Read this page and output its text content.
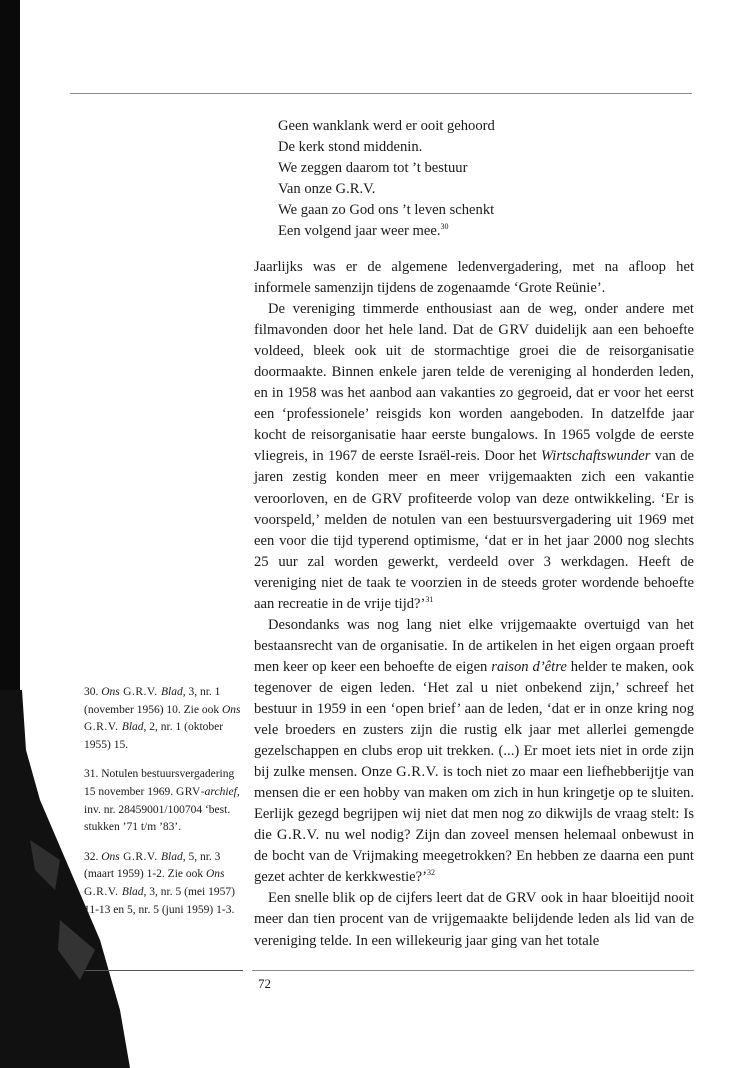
Geen wanklank werd er ooit gehoord
De kerk stond middenin.
We zeggen daarom tot ’t bestuur
Van onze G.R.V.
We gaan zo God ons ’t leven schenkt
Een volgend jaar weer mee.$^{30}$

Jaarlijks was er de algemene ledenvergadering, met na afloop het informele samenzijn tijdens de zogenaamde ‘Grote Reünie’.

De vereniging timmerde enthousiast aan de weg, onder andere met filmavonden door het hele land. Dat de GRV duidelijk aan een behoefte voldeed, bleek ook uit de stormachtige groei die de reisorganisatie doormaakte. Binnen enkele jaren telde de vereniging al honderden leden, en in 1958 was het aanbod aan vakanties zo gegroeid, dat er voor het eerst een ‘professionele’ reisgids kon worden aangeboden. In datzelfde jaar kocht de reisorganisatie haar eerste bungalows. In 1965 volgde de eerste vliegreis, in 1967 de eerste Israël-reis. Door het Wirtschaftswunder van de jaren zestig konden meer en meer vrijgemaakten zich een vakantie veroorloven, en de GRV profiteerde volop van deze ontwikkeling. ‘Er is voorspeld,’ melden de notulen van een bestuursvergadering uit 1969 met een voor die tijd typerend optimisme, ‘dat er in het jaar 2000 nog slechts 25 uur zal worden gewerkt, verdeeld over 3 werkdagen. Heeft de vereniging niet de taak te voorzien in de steeds groter wordende behoefte aan recreatie in de vrije tijd?’$^{31}$

Desondanks was nog lang niet elke vrijgemaakte overtuigd van het bestaansrecht van de organisatie. In de artikelen in het eigen orgaan proeft men keer op keer een behoefte de eigen raison d’être helder te maken, ook tegenover de eigen leden. ‘Het zal u niet onbekend zijn,’ schreef het bestuur in 1959 in een ‘open brief’ aan de leden, ‘dat er in onze kring nog vele broeders en zusters zijn die rustig elk jaar met allerlei gemengde gezelschappen en clubs erop uit trekken. (...) Er moet iets niet in orde zijn bij zulke mensen. Onze G.R.V. is toch niet zo maar een liefhebberijtje van mensen die er een hobby van maken om zich in hun kringetje op te sluiten. Eerlijk gezegd begrijpen wij niet dat men nog zo dikwijls de vraag stelt: Is die G.R.V. nu wel nodig? Zijn dan zoveel mensen helemaal onbewust in de bocht van de Vrijmaking meegetrokken? En hebben ze daarna een punt gezet achter de kerkkwestie?’$^{32}$

Een snelle blik op de cijfers leert dat de GRV ook in haar bloeitijd nooit meer dan tien procent van de vrijgemaakte belijdende leden als lid van de vereniging telde. In een willekeurig jaar ging van het totale

30. Ons G.R.V. Blad, 3, nr. 1 (november 1956) 10. Zie ook Ons G.R.V. Blad, 2, nr. 1 (oktober 1955) 15.
31. Notulen bestuursvergadering 15 november 1969. GRV-archief, inv. nr. 28459001/100704 ‘best. stukken ’71 t/m ’83’.
32. Ons G.R.V. Blad, 5, nr. 3 (maart 1959) 1-2. Zie ook Ons G.R.V. Blad, 3, nr. 5 (mei 1957) 11-13 en 5, nr. 5 (juni 1959) 1-3.
72
